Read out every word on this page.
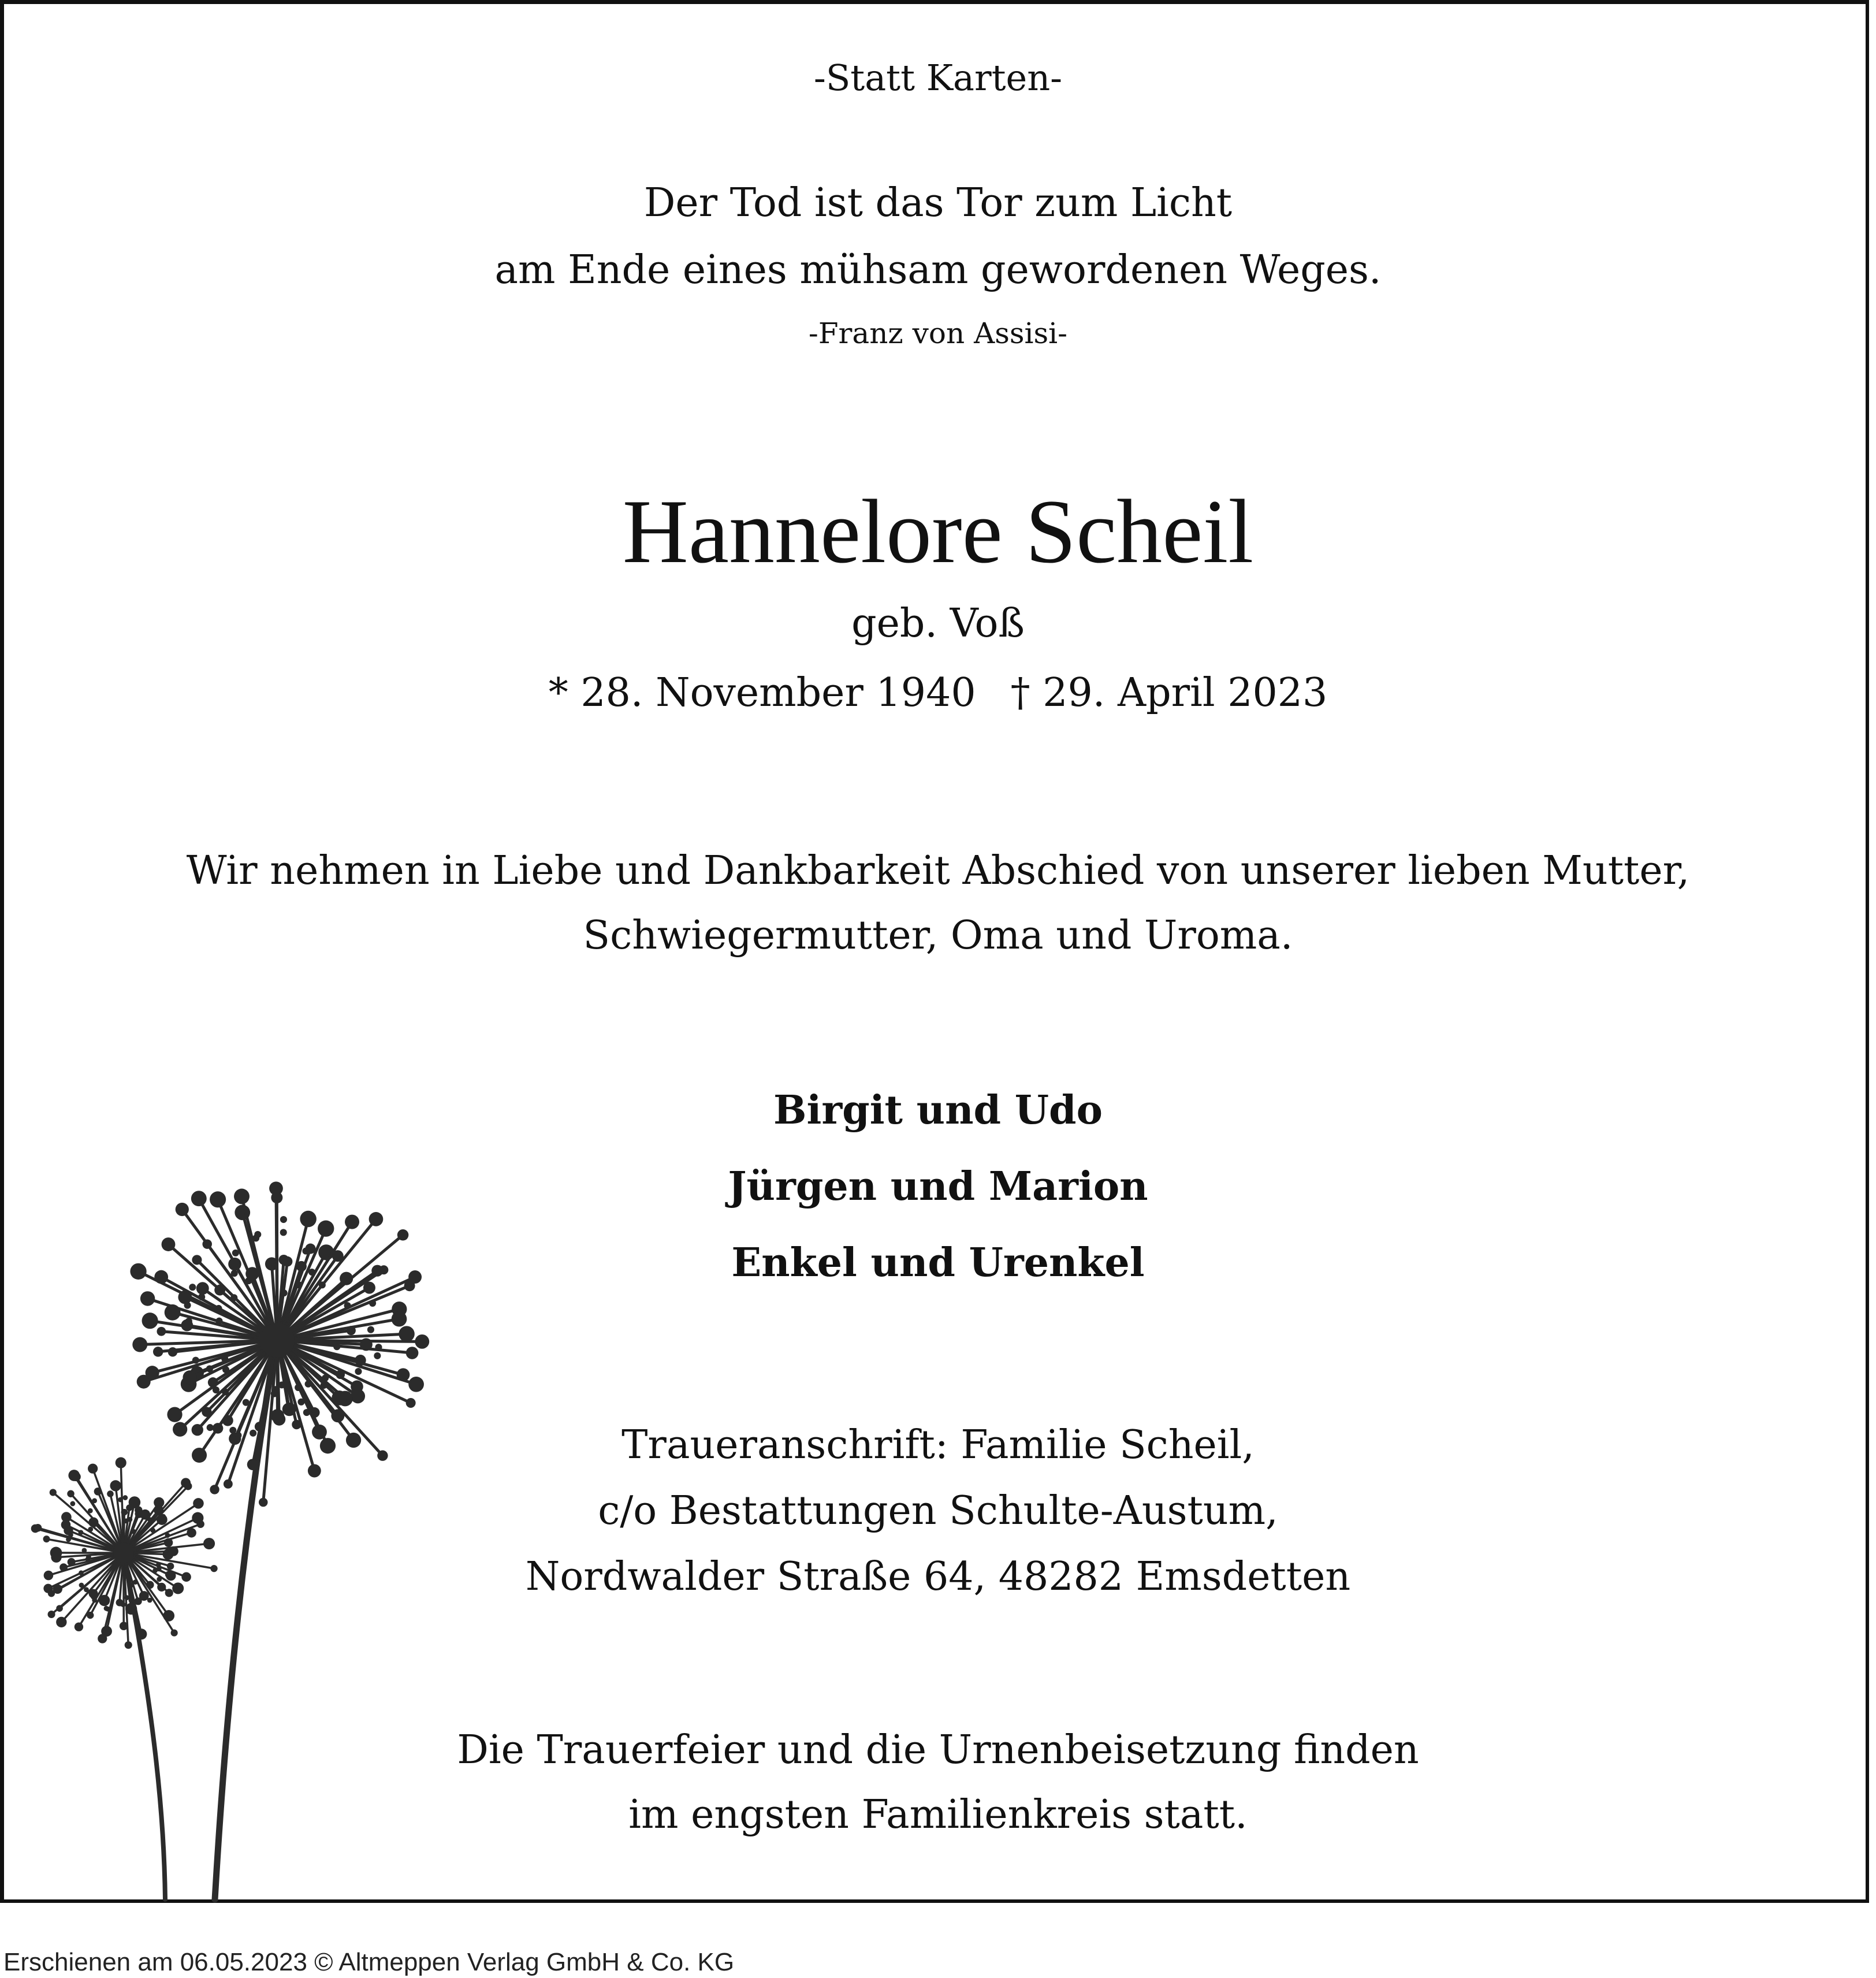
-Statt Karten-
Der Tod ist das Tor zum Licht
am Ende eines mühsam gewordenen Weges.
-Franz von Assisi-
Hannelore Scheil
geb. Voß
* 28. November 1940 † 29. April 2023
Wir nehmen in Liebe und Dankbarkeit Abschied von unserer lieben Mutter,
Schwiegermutter, Oma und Uroma.
Birgit und Udo
Jürgen und Marion
Enkel und Urenkel
Traueranschrift: Familie Scheil,
c/o Bestattungen Schulte-Austum,
Nordwalder Straße 64, 48282 Emsdetten
Die Trauerfeier und die Urnenbeisetzung finden
im engsten Familienkreis statt.
Erschienen am 06.05.2023 © Altmeppen Verlag GmbH & Co. KG
